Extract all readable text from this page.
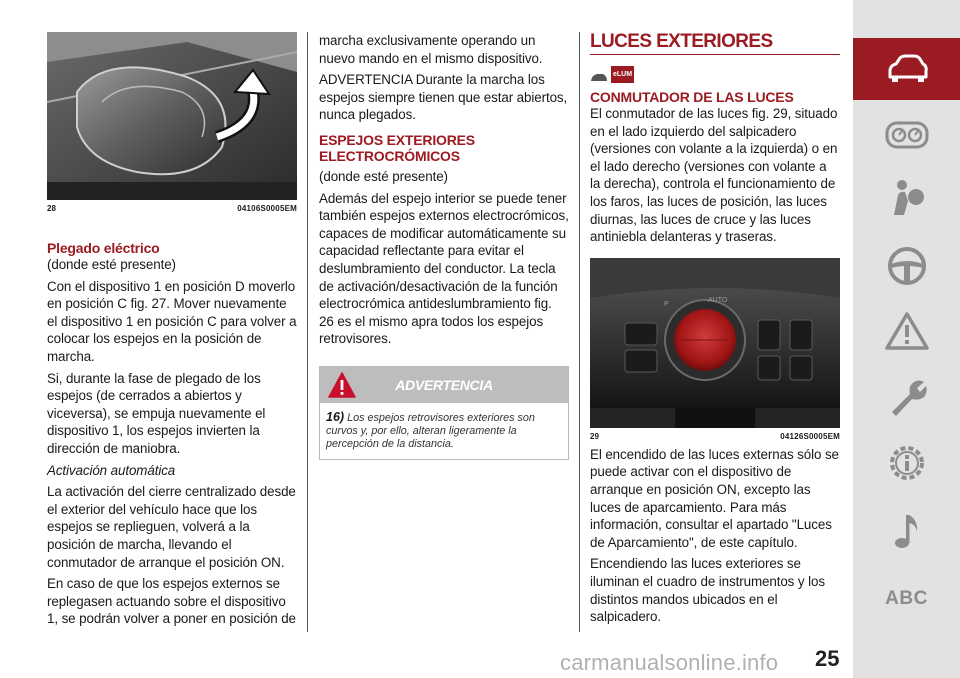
28	04106S0005EM
Plegado eléctrico

(donde esté presente)

Con el dispositivo 1 en posición D moverlo en posición C fig. 27. Mover nuevamente el dispositivo 1 en posición C para volver a colocar los espejos en la posición de marcha.

Si, durante la fase de plegado de los espejos (de cerrados a abiertos y viceversa), se empuja nuevamente el dispositivo 1, los espejos invierten la dirección de maniobra.

Activación automática

La activación del cierre centralizado desde el exterior del vehículo hace que los espejos se replieguen, volverá a la posición de marcha, llevando el conmutador de arranque el posición ON.

En caso de que los espejos externos se replegasen actuando sobre el dispositivo 1, se podrán volver a poner en posición de

marcha exclusivamente operando un nuevo mando en el mismo dispositivo.

ADVERTENCIA Durante la marcha los espejos siempre tienen que estar abiertos, nunca plegados.

ESPEJOS EXTERIORES
ELECTROCRÓMICOS

(donde esté presente)

Además del espejo interior se puede tener también espejos externos electrocrómicos, capaces de modificar automáticamente su capacidad reflectante para evitar el deslumbramiento del conductor. La tecla de activación/desactivación de la función electrocrómica antideslumbramiento fig. 26 es el mismo apra todos los espejos retrovisores.

ADVERTENCIA
16) Los espejos retrovisores exteriores son curvos y, por ello, alteran ligeramente la percepción de la distancia.
LUCES EXTERIORES
eLUM
CONMUTADOR DE LAS LUCES

El conmutador de las luces fig. 29, situado en el lado izquierdo del salpicadero (versiones con volante a la izquierda) o en el lado derecho (versiones con volante a la derecha), controla el funcionamiento de los faros, las luces de posición, las luces diurnas, las luces de cruce y las luces antiniebla delanteras y traseras.

P
AUTO
29	04126S0005EM

El encendido de las luces externas sólo se puede activar con el dispositivo de arranque en posición ON, excepto las luces de aparcamiento. Para más información, consultar el apartado "Luces de Aparcamiento", de este capítulo.

Encendiendo las luces exteriores se iluminan el cuadro de instrumentos y los distintos mandos ubicados en el salpicadero.

ABC
carmanualsonline.info 25
